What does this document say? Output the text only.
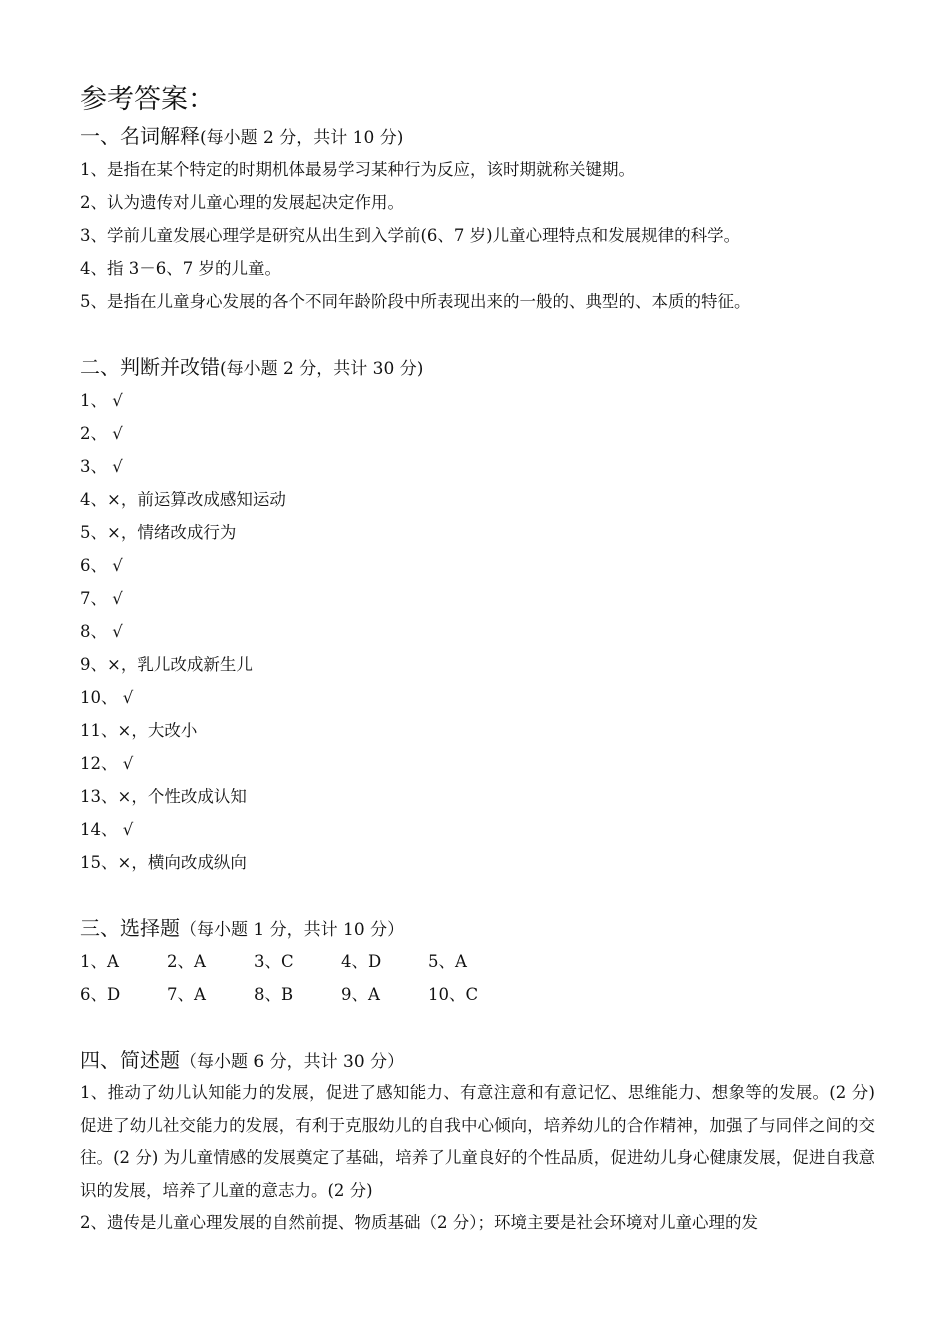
参考答案：
一、名词解释(每小题 2 分，共计 10 分)
1、是指在某个特定的时期机体最易学习某种行为反应，该时期就称关键期。
2、认为遗传对儿童心理的发展起决定作用。
3、学前儿童发展心理学是研究从出生到入学前(6、7 岁)儿童心理特点和发展规律的科学。
4、指 3－6、7 岁的儿童。
5、是指在儿童身心发展的各个不同年龄阶段中所表现出来的一般的、典型的、本质的特征。
二、判断并改错(每小题 2 分，共计 30 分)
1、 √
2、 √
3、 √
4、×，前运算改成感知运动
5、×，情绪改成行为
6、 √
7、 √
8、 √
9、×，乳儿改成新生儿
10、 √
11、×，大改小
12、 √
13、×，个性改成认知
14、 √
15、×，横向改成纵向
三、选择题（每小题 1 分，共计 10 分）
1、A	2、A	3、C	4、D	5、A
6、D	7、A	8、B	9、A	10、C
四、简述题（每小题 6 分，共计 30 分）
1、推动了幼儿认知能力的发展，促进了感知能力、有意注意和有意记忆、思维能力、想象等的发展。(2 分) 促进了幼儿社交能力的发展，有利于克服幼儿的自我中心倾向，培养幼儿的合作精神，加强了与同伴之间的交往。(2 分) 为儿童情感的发展奠定了基础，培养了儿童良好的个性品质，促进幼儿身心健康发展，促进自我意识的发展，培养了儿童的意志力。(2 分)
2、遗传是儿童心理发展的自然前提、物质基础（2 分）；环境主要是社会环境对儿童心理的发
